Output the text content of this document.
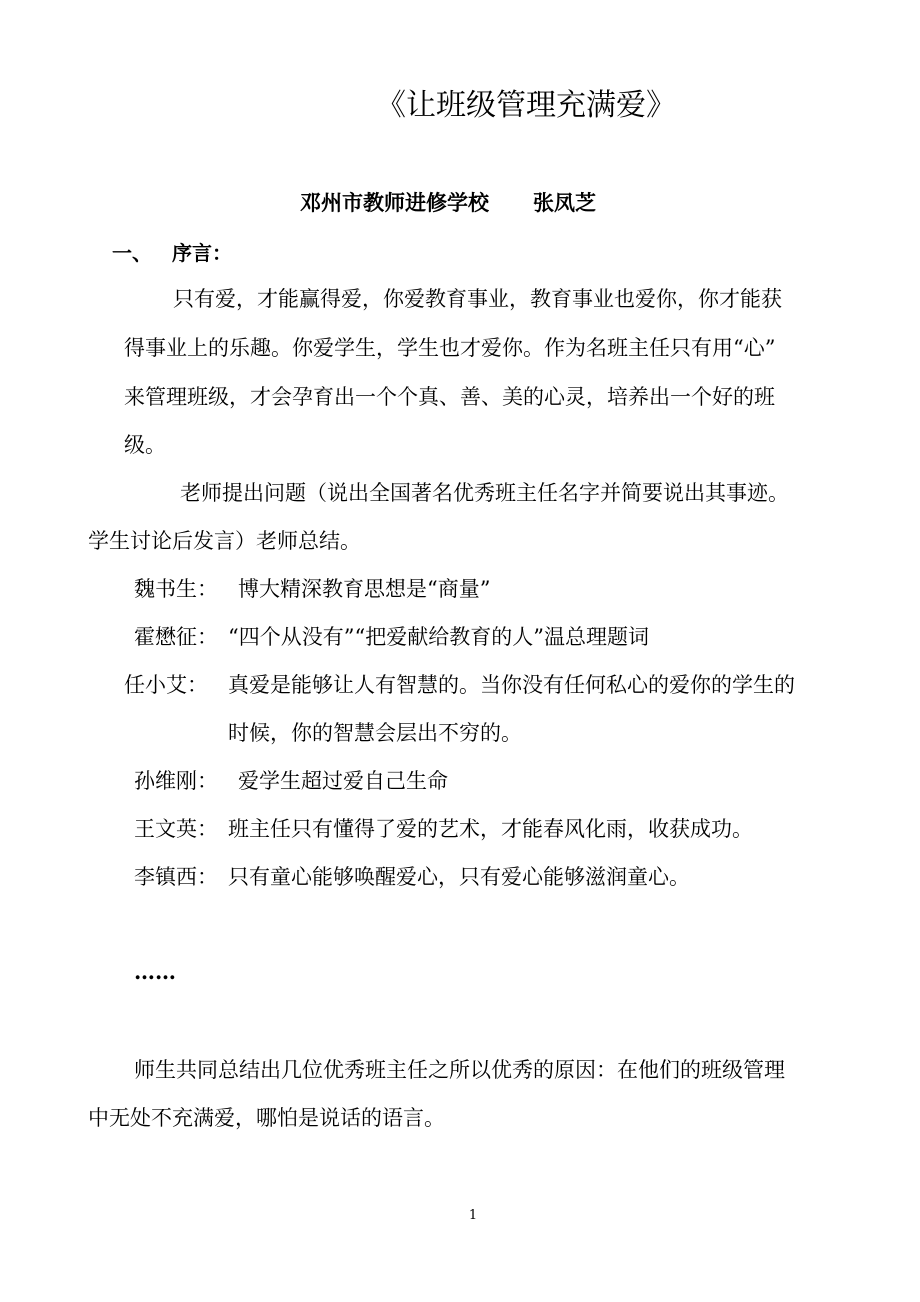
《让班级管理充满爱》
邓州市教师进修学校 张凤芝
一、 序言：
只有爱，才能赢得爱，你爱教育事业，教育事业也爱你，你才能获
得事业上的乐趣。你爱学生，学生也才爱你。作为名班主任只有用“心”
来管理班级，才会孕育出一个个真、善、美的心灵，培养出一个好的班
级。
老师提出问题（说出全国著名优秀班主任名字并简要说出其事迹。
学生讨论后发言）老师总结。
魏书生： 博大精深教育思想是“商量”
霍懋征： “四个从没有”“把爱献给教育的人”温总理题词
任小艾： 真爱是能够让人有智慧的。当你没有任何私心的爱你的学生的
时候，你的智慧会层出不穷的。
孙维刚： 爱学生超过爱自己生命
王文英： 班主任只有懂得了爱的艺术，才能春风化雨，收获成功。
李镇西： 只有童心能够唤醒爱心，只有爱心能够滋润童心。
……
师生共同总结出几位优秀班主任之所以优秀的原因：在他们的班级管理
中无处不充满爱，哪怕是说话的语言。
1
